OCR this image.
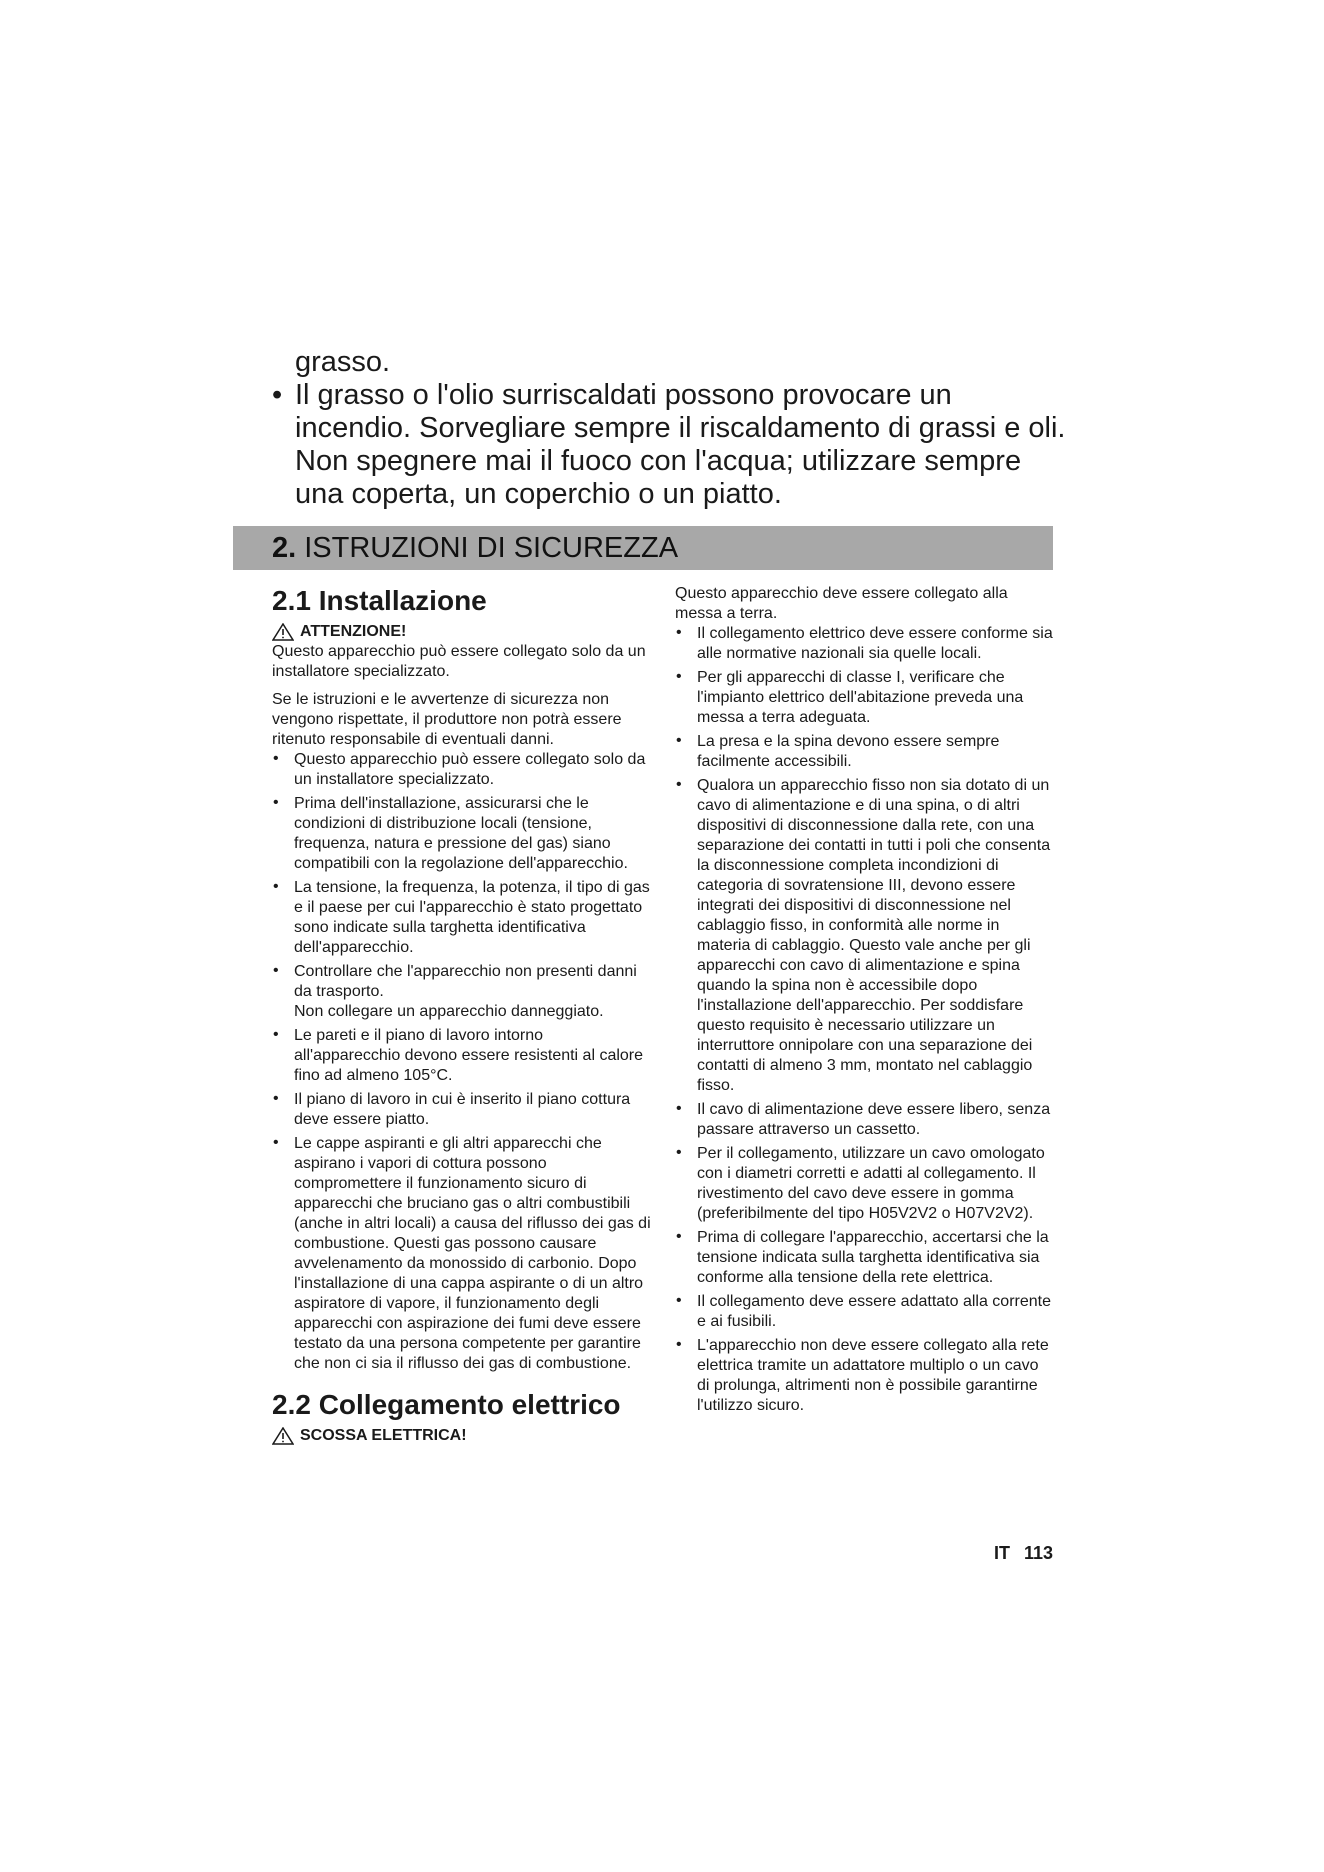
grasso.
• Il grasso o l'olio surriscaldati possono provocare un incendio. Sorvegliare sempre il riscaldamento di grassi e oli. Non spegnere mai il fuoco con l'acqua; utilizzare sempre una coperta, un coperchio o un piatto.
2. ISTRUZIONI DI SICUREZZA
2.1 Installazione
ATTENZIONE!

Questo apparecchio può essere collegato solo da un installatore specializzato.

Se le istruzioni e le avvertenze di sicurezza non vengono rispettate, il produttore non potrà essere ritenuto responsabile di eventuali danni.

• Questo apparecchio può essere collegato solo da un installatore specializzato.
• Prima dell'installazione, assicurarsi che le condizioni di distribuzione locali (tensione, frequenza, natura e pressione del gas) siano compatibili con la regolazione dell'apparecchio.
• La tensione, la frequenza, la potenza, il tipo di gas e il paese per cui l'apparecchio è stato progettato sono indicate sulla targhetta identificativa dell'apparecchio.
• Controllare che l'apparecchio non presenti danni da trasporto.
Non collegare un apparecchio danneggiato.
• Le pareti e il piano di lavoro intorno all'apparecchio devono essere resistenti al calore fino ad almeno 105°C.
• Il piano di lavoro in cui è inserito il piano cottura deve essere piatto.
• Le cappe aspiranti e gli altri apparecchi che aspirano i vapori di cottura possono compromettere il funzionamento sicuro di apparecchi che bruciano gas o altri combustibili (anche in altri locali) a causa del riflusso dei gas di combustione. Questi gas possono causare avvelenamento da monossido di carbonio. Dopo l'installazione di una cappa aspirante o di un altro aspiratore di vapore, il funzionamento degli apparecchi con aspirazione dei fumi deve essere testato da una persona competente per garantire che non ci sia il riflusso dei gas di combustione.
2.2 Collegamento elettrico
SCOSSA ELETTRICA!

Questo apparecchio deve essere collegato alla messa a terra.

• Il collegamento elettrico deve essere conforme sia alle normative nazionali sia quelle locali.
• Per gli apparecchi di classe I, verificare che l'impianto elettrico dell'abitazione preveda una messa a terra adeguata.
• La presa e la spina devono essere sempre facilmente accessibili.
• Qualora un apparecchio fisso non sia dotato di un cavo di alimentazione e di una spina, o di altri dispositivi di disconnessione dalla rete, con una separazione dei contatti in tutti i poli che consenta la disconnessione completa incondizioni di categoria di sovratensione III, devono essere integrati dei dispositivi di disconnessione nel cablaggio fisso, in conformità alle norme in materia di cablaggio. Questo vale anche per gli apparecchi con cavo di alimentazione e spina quando la spina non è accessibile dopo l'installazione dell'apparecchio. Per soddisfare questo requisito è necessario utilizzare un interruttore onnipolare con una separazione dei contatti di almeno 3 mm, montato nel cablaggio fisso.
• Il cavo di alimentazione deve essere libero, senza passare attraverso un cassetto.
• Per il collegamento, utilizzare un cavo omologato con i diametri corretti e adatti al collegamento. Il rivestimento del cavo deve essere in gomma (preferibilmente del tipo H05V2V2 o H07V2V2).
• Prima di collegare l'apparecchio, accertarsi che la tensione indicata sulla targhetta identificativa sia conforme alla tensione della rete elettrica.
• Il collegamento deve essere adattato alla corrente e ai fusibili.
• L'apparecchio non deve essere collegato alla rete elettrica tramite un adattatore multiplo o un cavo di prolunga, altrimenti non è possibile garantirne l'utilizzo sicuro.
IT 113
